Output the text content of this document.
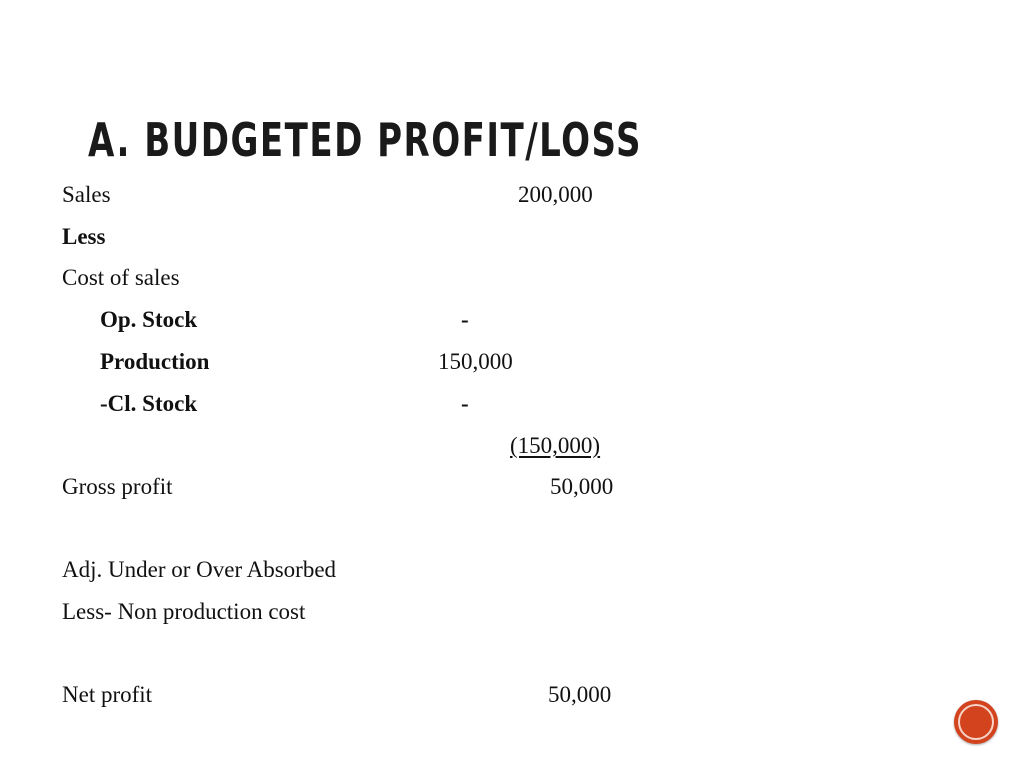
A. BUDGETED PROFIT/LOSS
Sales	200,000
Less
Cost of sales
Op. Stock	-
Production	150,000
-Cl. Stock	-
(150,000)
Gross profit	50,000
Adj. Under or Over Absorbed
Less- Non production cost
Net profit	50,000
